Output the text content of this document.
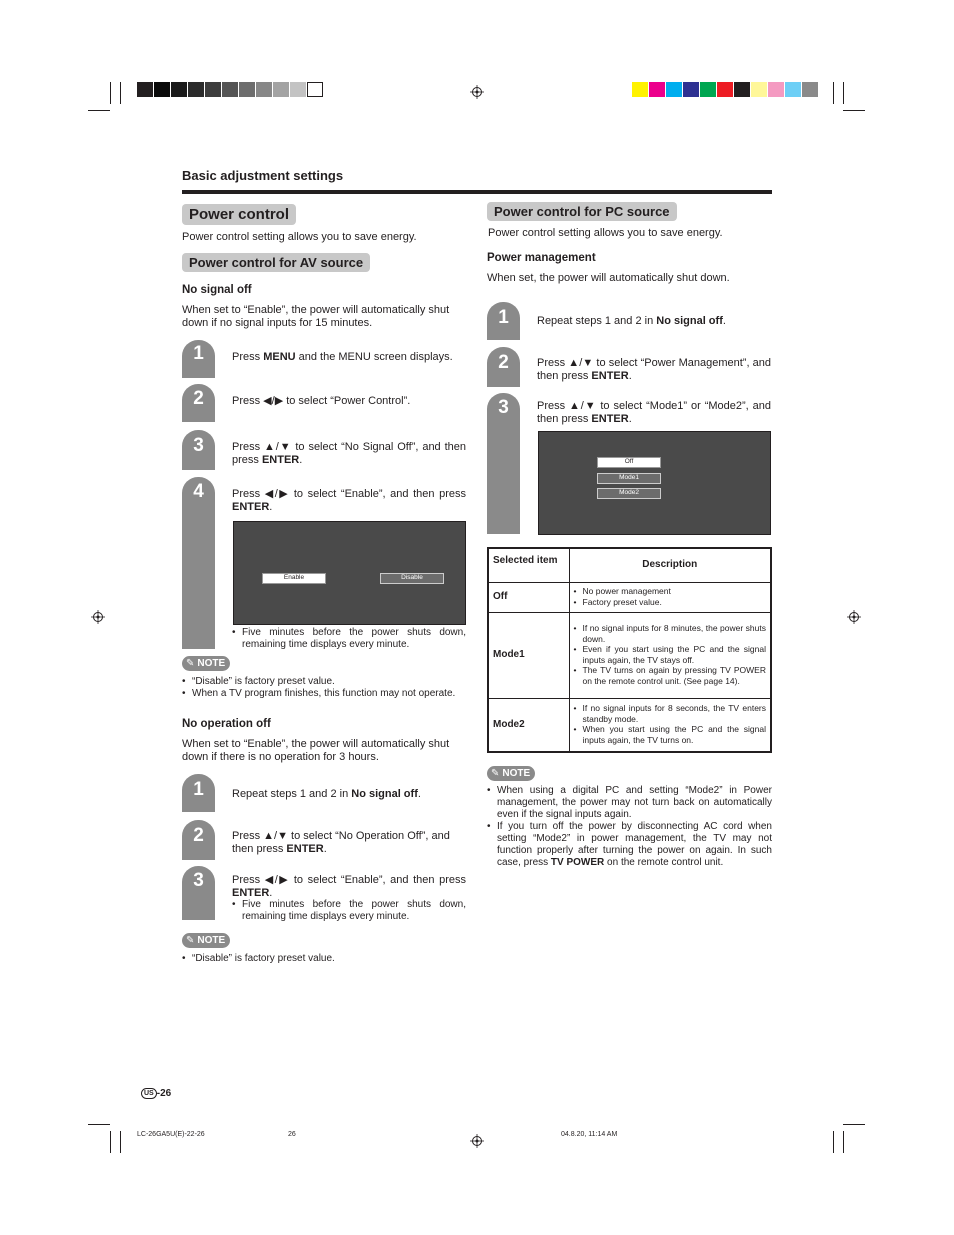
Basic adjustment settings
Power control
Power control setting allows you to save energy.
Power control for AV source
No signal off
When set to “Enable”, the power will automatically shut down if no signal inputs for 15 minutes.
1	Press MENU and the MENU screen displays.
2	Press ◀/▶ to select “Power Control”.
3	Press ▲/▼ to select “No Signal Off”, and then press ENTER.
4	Press ◀/▶ to select “Enable”, and then press ENTER.
Enable	Disable
• Five minutes before the power shuts down, remaining time displays every minute.
✎ NOTE
• “Disable” is factory preset value.
• When a TV program finishes, this function may not operate.
No operation off
When set to “Enable”, the power will automatically shut down if there is no operation for 3 hours.
1	Repeat steps 1 and 2 in No signal off.
2	Press ▲/▼ to select “No Operation Off”, and then press ENTER.
3	Press ◀/▶ to select “Enable”, and then press ENTER.
• Five minutes before the power shuts down, remaining time displays every minute.
✎ NOTE
• “Disable” is factory preset value.
Power control for PC source
Power control setting allows you to save energy.
Power management
When set, the power will automatically shut down.
1	Repeat steps 1 and 2 in No signal off.
2	Press ▲/▼ to select “Power Management”, and then press ENTER.
3	Press ▲/▼ to select “Mode1” or “Mode2”, and then press ENTER.
Off
Mode1
Mode2
Selected item	Description
Off	• No power management
• Factory preset value.

Mode1	• If no signal inputs for 8 minutes, the power shuts down.
• Even if you start using the PC and the signal inputs again, the TV stays off.
• The TV turns on again by pressing TV POWER on the remote control unit. (See page 14).

Mode2	• If no signal inputs for 8 seconds, the TV enters standby mode.
• When you start using the PC and the signal inputs again, the TV turns on.
✎ NOTE
• When using a digital PC and setting “Mode2” in Power management, the power may not turn back on automatically even if the signal inputs again.
• If you turn off the power by disconnecting AC cord when setting “Mode2” in power management, the TV may not function properly after turning the power on again. In such case, press TV POWER on the remote control unit.
US -26
LC-26GA5U(E)-22-26	26	04.8.20, 11:14 AM
